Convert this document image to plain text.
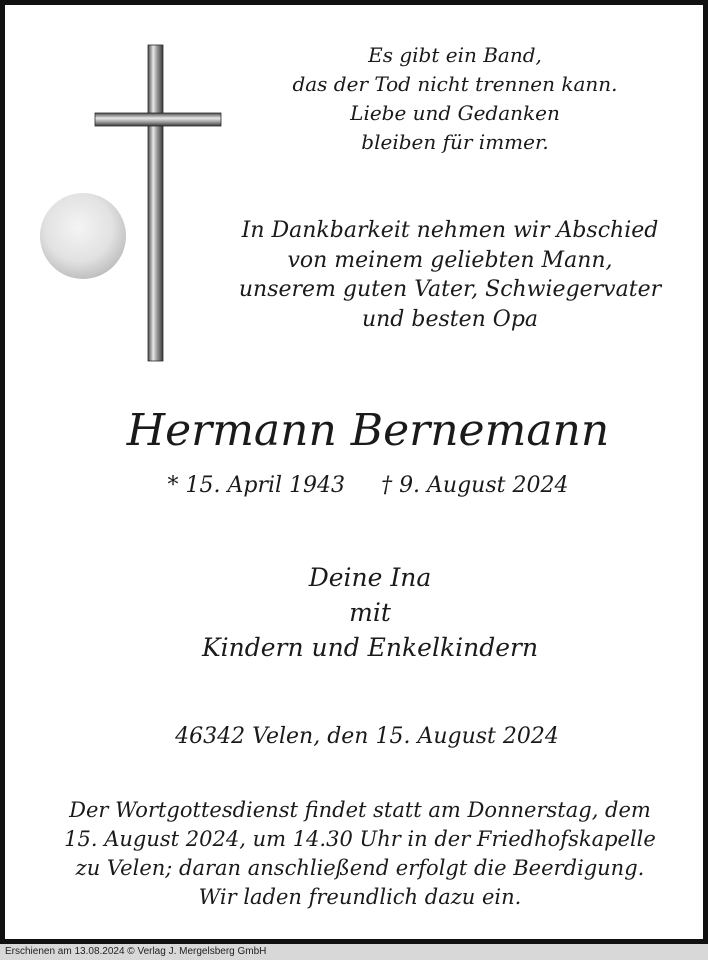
Es gibt ein Band,
das der Tod nicht trennen kann.
Liebe und Gedanken
bleiben für immer.
In Dankbarkeit nehmen wir Abschied
von meinem geliebten Mann,
unserem guten Vater, Schwiegervater
und besten Opa
Hermann Bernemann
* 15. April 1943 † 9. August 2024
Deine Ina
mit
Kindern und Enkelkindern
46342 Velen, den 15. August 2024
Der Wortgottesdienst findet statt am Donnerstag, dem
15. August 2024, um 14.30 Uhr in der Friedhofskapelle
zu Velen; daran anschließend erfolgt die Beerdigung.
Wir laden freundlich dazu ein.
Erschienen am 13.08.2024 © Verlag J. Mergelsberg GmbH
